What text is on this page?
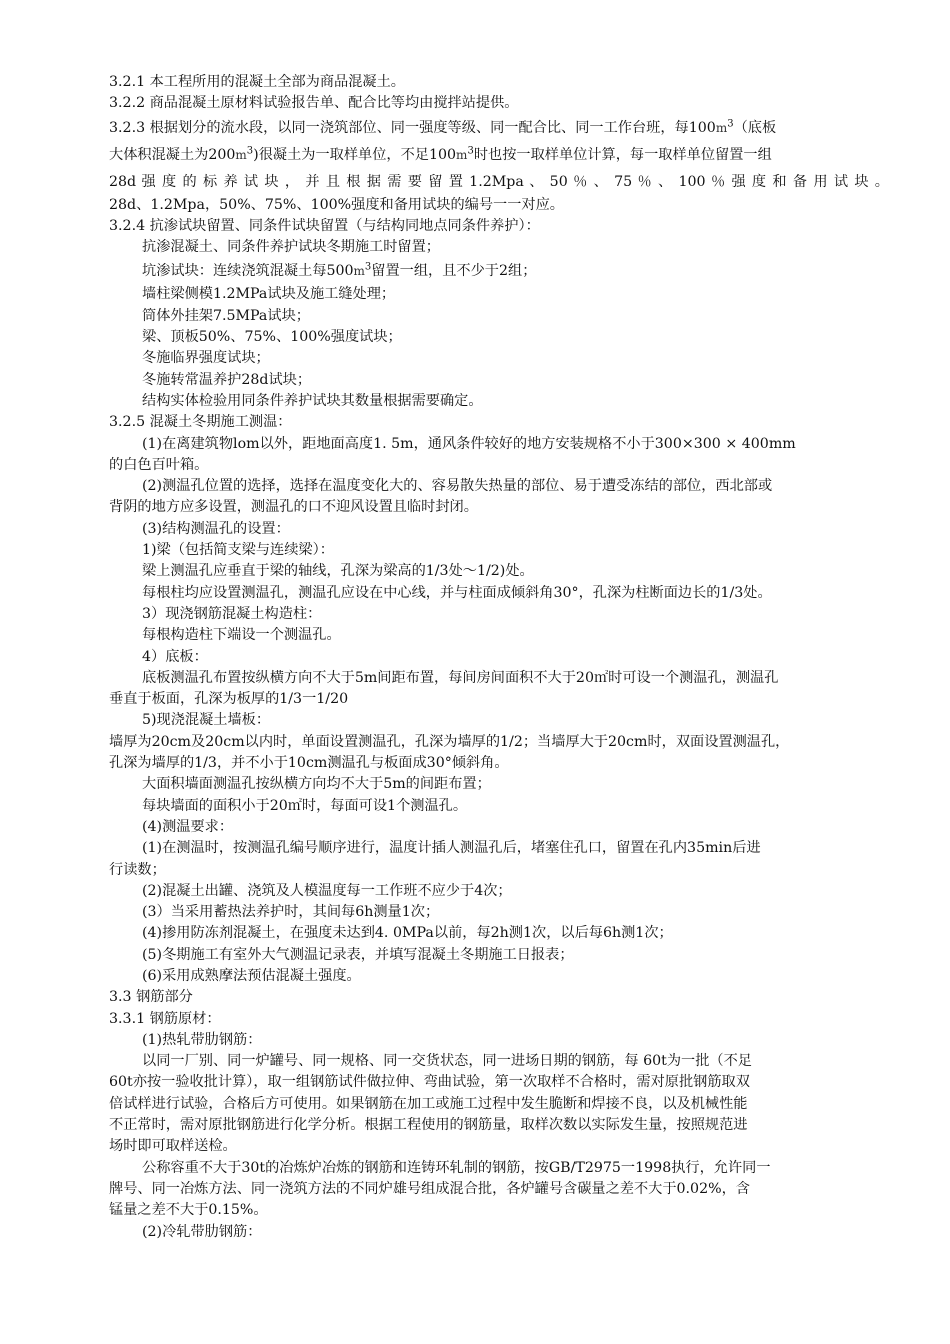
3.2.1 本工程所用的混凝土全部为商品混凝土。
3.2.2 商品混凝土原材料试验报告单、配合比等均由搅拌站提供。
3.2.3 根据划分的流水段，以同一浇筑部位、同一强度等级、同一配合比、同一工作台班，每$100m^3$（底板
大体积混凝土为$200m^3$)很凝土为一取样单位，不足$100m^3$时也按一取样单位计算，每一取样单位留置一组
28d 强 度 的 标 养 试 块 ， 并 且 根 据 需 要 留 置 1.2Mpa 、 50 ％ 、 75 ％ 、 100 ％ 强 度 和 备 用 试 块 。
28d、1.2Mpa，50%、75%、100%强度和备用试块的编号一一对应。
3.2.4 抗渗试块留置、同条件试块留置（与结构同地点同条件养护）：
抗渗混凝土、同条件养护试块冬期施工时留置；
坑渗试块：连续浇筑混凝土每$500m^3$留置一组，且不少于2组；
墙柱梁侧模1.2MPa试块及施工缝处理；
筒体外挂架7.5MPa试块；
梁、顶板50%、75%、100%强度试块；
冬施临界强度试块；
冬施转常温养护28d试块；
结构实体检验用同条件养护试块其数量根据需要确定。
3.2.5 混凝土冬期施工测温：
(1)在离建筑物lom以外，距地面高度1. 5m，通风条件较好的地方安装规格不小于300×300 × 400mm
的白色百叶箱。
(2)测温孔位置的选择，选择在温度变化大的、容易散失热量的部位、易于遭受冻结的部位，西北部或
背阴的地方应多设置，测温孔的口不迎风设置且临时封闭。
(3)结构测温孔的设置：
1)梁（包括简支梁与连续梁）：
梁上测温孔应垂直于梁的轴线，孔深为梁高的1/3处～1/2)处。
每根柱均应设置测温孔，测温孔应设在中心线，并与柱面成倾斜角30°，孔深为柱断面边长的1/3处。
3）现浇钢筋混凝土构造柱：
每根构造柱下端设一个测温孔。
4）底板：
底板测温孔布置按纵横方向不大于5m间距布置，每间房间面积不大于20㎡时可设一个测温孔，测温孔
垂直于板面，孔深为板厚的1/3一1/20
5)现浇混凝土墙板：
墙厚为20cm及20cm以内时，单面设置测温孔，孔深为墙厚的1/2；当墙厚大于20cm时，双面设置测温孔，
孔深为墙厚的1/3，并不小于10cm测温孔与板面成30°倾斜角。
大面积墙面测温孔按纵横方向均不大于5m的间距布置；
每块墙面的面积小于20㎡时，每面可设1个测温孔。
(4)测温要求：
(1)在测温时，按测温孔编号顺序进行，温度计插人测温孔后，堵塞住孔口，留置在孔内35min后进
行读数；
(2)混凝土出罐、浇筑及人模温度每一工作班不应少于4次；
(3）当采用蓄热法养护时，其间每6h测量1次；
(4)掺用防冻剂混凝土，在强度未达到4. 0MPa以前，每2h测1次，以后每6h测1次；
(5)冬期施工有室外大气测温记录表，并填写混凝土冬期施工日报表；
(6)采用成熟摩法预估混凝土强度。
3.3 钢筋部分
3.3.1 钢筋原材：
(1)热轧带肋钢筋：
以同一厂别、同一炉罐号、同一规格、同一交货状态，同一进场日期的钢筋，每 60t为一批（不足
60t亦按一验收批计算），取一组钢筋试件做拉伸、弯曲试验，第一次取样不合格时，需对原批钢筋取双
倍试样进行试验，合格后方可使用。如果钢筋在加工或施工过程中发生脆断和焊接不良，以及机械性能
不正常时，需对原批钢筋进行化学分析。根据工程使用的钢筋量，取样次数以实际发生量，按照规范进
场时即可取样送检。
公称容重不大于30t的冶炼炉冶炼的钢筋和连铸环轧制的钢筋，按GB/T2975一1998执行，允许同一
牌号、同一冶炼方法、同一浇筑方法的不同炉雄号组成混合批，各炉罐号含碳量之差不大于0.02%，含
锰量之差不大于0.15%。
(2)冷轧带肋钢筋：
